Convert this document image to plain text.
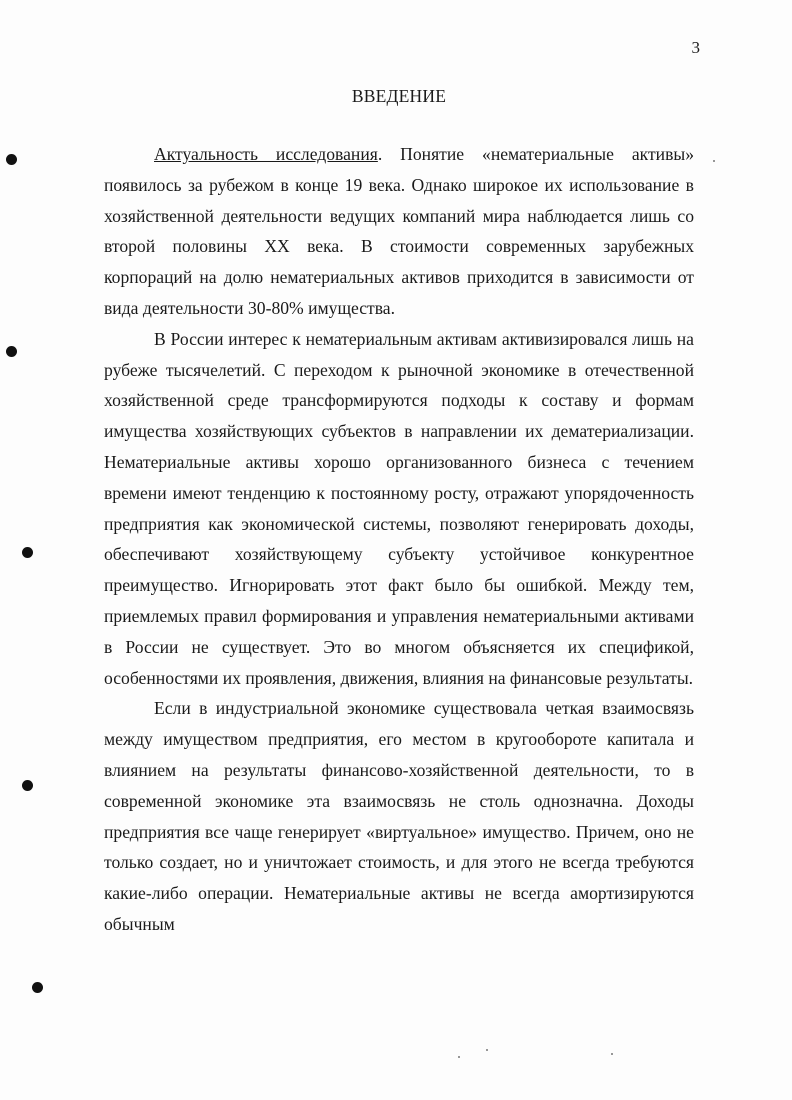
3
ВВЕДЕНИЕ

Актуальность исследования. Понятие «нематериальные активы» появилось за рубежом в конце 19 века. Однако широкое их использование в хозяйственной деятельности ведущих компаний мира наблюдается лишь со второй половины XX века. В стоимости современных зарубежных корпораций на долю нематериальных активов приходится в зависимости от вида деятельности 30-80% имущества.

В России интерес к нематериальным активам активизировался лишь на рубеже тысячелетий. С переходом к рыночной экономике в отечественной хозяйственной среде трансформируются подходы к составу и формам имущества хозяйствующих субъектов в направлении их дематериализации. Нематериальные активы хорошо организованного бизнеса с течением времени имеют тенденцию к постоянному росту, отражают упорядоченность предприятия как экономической системы, позволяют генерировать доходы, обеспечивают хозяйствующему субъекту устойчивое конкурентное преимущество. Игнорировать этот факт было бы ошибкой. Между тем, приемлемых правил формирования и управления нематериальными активами в России не существует. Это во многом объясняется их спецификой, особенностями их проявления, движения, влияния на финансовые результаты.

Если в индустриальной экономике существовала четкая взаимосвязь между имуществом предприятия, его местом в кругообороте капитала и влиянием на результаты финансово-хозяйственной деятельности, то в современной экономике эта взаимосвязь не столь однозначна. Доходы предприятия все чаще генерирует «виртуальное» имущество. Причем, оно не только создает, но и уничтожает стоимость, и для этого не всегда требуются какие-либо операции. Нематериальные активы не всегда амортизируются обычным
